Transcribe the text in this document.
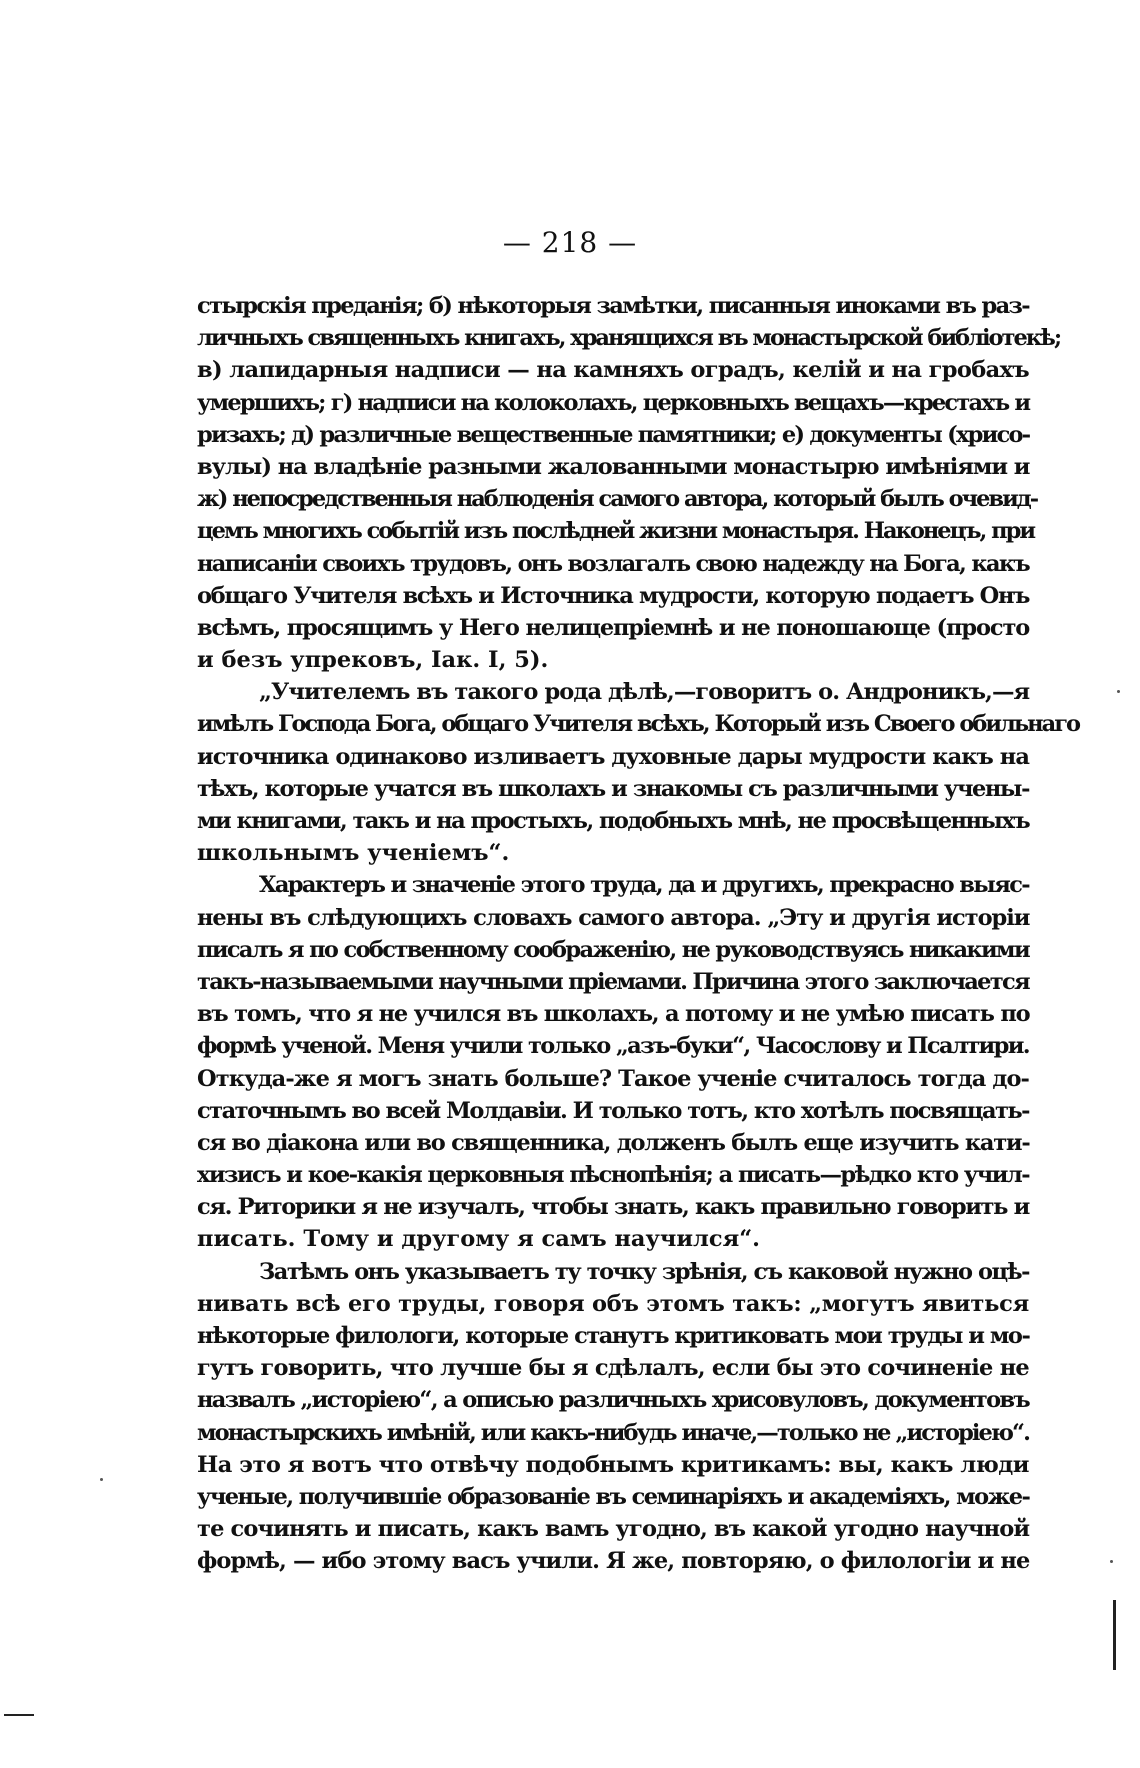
— 218 —
стырскія преданія; б) нѣкоторыя замѣтки, писанныя иноками въ раз-
личныхъ священныхъ книгахъ, хранящихся въ монастырской библіотекѣ;
в) лапидарныя надписи — на камняхъ оградъ, келій и на гробахъ
умершихъ; г) надписи на колоколахъ, церковныхъ вещахъ—крестахъ и
ризахъ; д) различные вещественные памятники; е) документы (хрисо-
вулы) на владѣніе разными жалованными монастырю имѣніями и
ж) непосредственныя наблюденія самого автора, который былъ очевид-
цемъ многихъ событій изъ послѣдней жизни монастыря. Наконецъ, при
написаніи своихъ трудовъ, онъ возлагалъ свою надежду на Бога, какъ
общаго Учителя всѣхъ и Источника мудрости, которую подаетъ Онъ
всѣмъ, просящимъ у Него нелицепріемнѣ и не поношающе (просто
и безъ упрековъ, Іак. І, 5).
„Учителемъ въ такого рода дѣлѣ,—говоритъ о. Андроникъ,—я
имѣлъ Господа Бога, общаго Учителя всѣхъ, Который изъ Своего обильнаго
источника одинаково изливаетъ духовные дары мудрости какъ на
тѣхъ, которые учатся въ школахъ и знакомы съ различными учены-
ми книгами, такъ и на простыхъ, подобныхъ мнѣ, не просвѣщенныхъ
школьнымъ ученіемъ“.
Характеръ и значеніе этого труда, да и другихъ, прекрасно выяс-
нены въ слѣдующихъ словахъ самого автора. „Эту и другія исторіи
писалъ я по собственному соображенію, не руководствуясь никакими
такъ-называемыми научными пріемами. Причина этого заключается
въ томъ, что я не учился въ школахъ, а потому и не умѣю писать по
формѣ ученой. Меня учили только „азъ-буки“, Часослову и Псалтири.
Откуда-же я могъ знать больше? Такое ученіе считалось тогда до-
статочнымъ во всей Молдавіи. И только тотъ, кто хотѣлъ посвящать-
ся во діакона или во священника, долженъ былъ еще изучить кати-
хизисъ и кое-какія церковныя пѣснопѣнія; а писать—рѣдко кто учил-
ся. Риторики я не изучалъ, чтобы знать, какъ правильно говорить и
писать. Тому и другому я самъ научился“.
Затѣмъ онъ указываетъ ту точку зрѣнія, съ каковой нужно оцѣ-
нивать всѣ его труды, говоря объ этомъ такъ: „могутъ явиться
нѣкоторые филологи, которые станутъ критиковать мои труды и мо-
гутъ говорить, что лучше бы я сдѣлалъ, если бы это сочиненіе не
назвалъ „исторіею“, а описью различныхъ хрисовуловъ, документовъ
монастырскихъ имѣній, или какъ-нибудь иначе,—только не „исторіею“.
На это я вотъ что отвѣчу подобнымъ критикамъ: вы, какъ люди
ученые, получившіе образованіе въ семинаріяхъ и академіяхъ, може-
те сочинять и писать, какъ вамъ угодно, въ какой угодно научной
формѣ, — ибо этому васъ учили. Я же, повторяю, о филологіи и не
